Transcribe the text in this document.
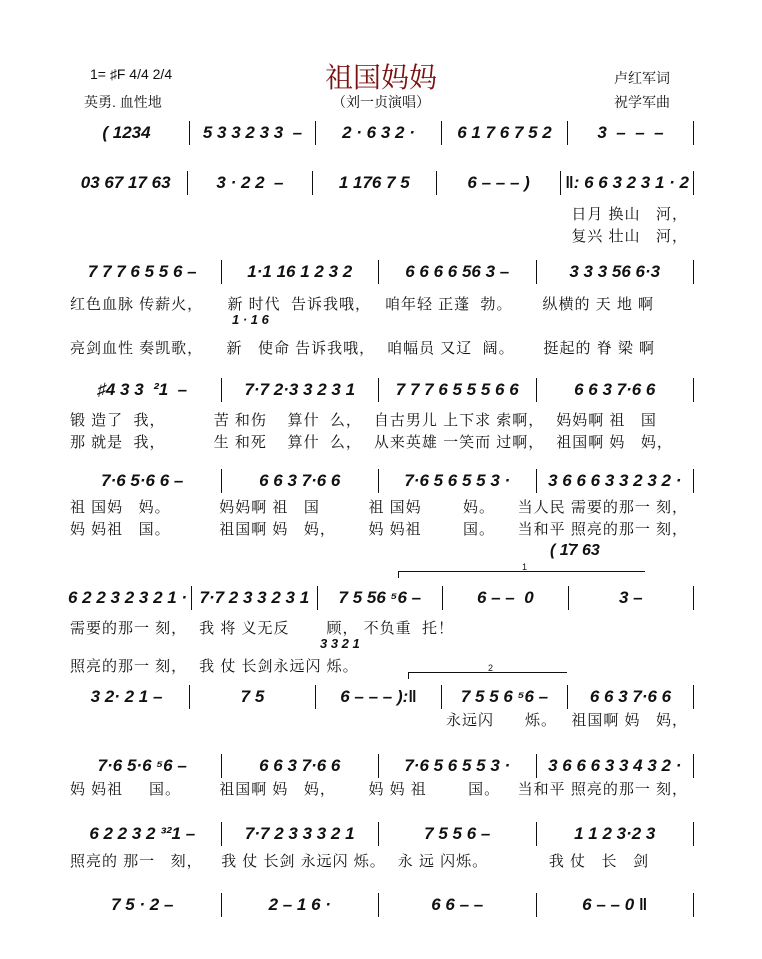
1= ♯F 4/4 2/4
英勇. 血性地
祖国妈妈
（刘一贞演唱）
卢红军词
祝学军曲
1 · 1 6
( 1̇7 63
3 3 2 1
1
2
( 1234	5 3 3 2 3 3  –	2 · 6 3 2 ·	6 1 7 6 7 5 2	3  –  –  –
03 67 17 63	3 · 2 2  –	1 176 7 5	6 – – – )	‖: 6 6 3 2 3 1 · 2
日月 换山   河，
复兴 壮山   河，
7 7 7 6 5 5 6 –	1·1 16 1 2 3 2	6 6 6 6 56 3 –	3 3 3 56 6·3
红色血脉 传薪火，	新 时代  告诉我哦， 咱年轻 正蓬  勃。	纵横的 天 地 啊
亮剑血性 奏凯歌，	新   使命 告诉我哦， 咱幅员 又辽  阔。	挺起的 脊 梁 啊
♯4 3 3  ²1  –	7·7 2·3 3 2 3 1	7 7 7 6 5 5 5 6 6	6 6 3 7·6 6
锻 造了  我，	苦 和伤    算什  么， 自古男儿 上下求 索啊， 妈妈啊 祖   国
那 就是  我，	生 和死    算什  么， 从来英雄 一笑而 过啊， 祖国啊 妈   妈，
7·6 5·6 6 –	6 6 3 7·6 6	7·6 5 6 5 5 3 ·	3 6 6 6 3 3 2 3 2 ·
祖 国妈   妈。	妈妈啊 祖   国	祖 国妈        妈。	当人民 需要的那一 刻，
妈 妈祖   国。	祖国啊 妈   妈，	妈 妈祖        国。	当和平 照亮的那一 刻，
6 2 2 3 2 3 2 1 · 7·7 2 3 3 2 3 1	7 5 56 ⁵6 –	6 – –  0	3 –
需要的那一 刻， 我 将 义无反	顾， 不负重  托！
照亮的那一 刻， 我 仗 长剑永远闪 烁。
3 2· 2 1 –	7 5	6 – – – ):‖	7 5 5 6 ⁵6 –	6 6 3 7·6 6
永远闪      烁。 祖国啊 妈   妈，
7·6 5·6 ⁵6 –	6 6 3 7·6 6	7·6 5 6 5 5 3 ·	3 6 6 6 3 3 4 3 2 ·
妈 妈祖     国。	祖国啊 妈   妈，	妈 妈 祖        国。	当和平 照亮的那一 刻，
6 2 2 3 2 ³²1 –	7·7 2 3 3 3 2 1	7 5 5 6 –	1 1 2 3·2 3
照亮的 那一   刻，	我 仗 长剑 永远闪 烁。 永 远 闪烁。	我 仗   长   剑
7 5 · 2 –	2 – 1 6 ·	6 6 – –	6 – – 0 ‖
